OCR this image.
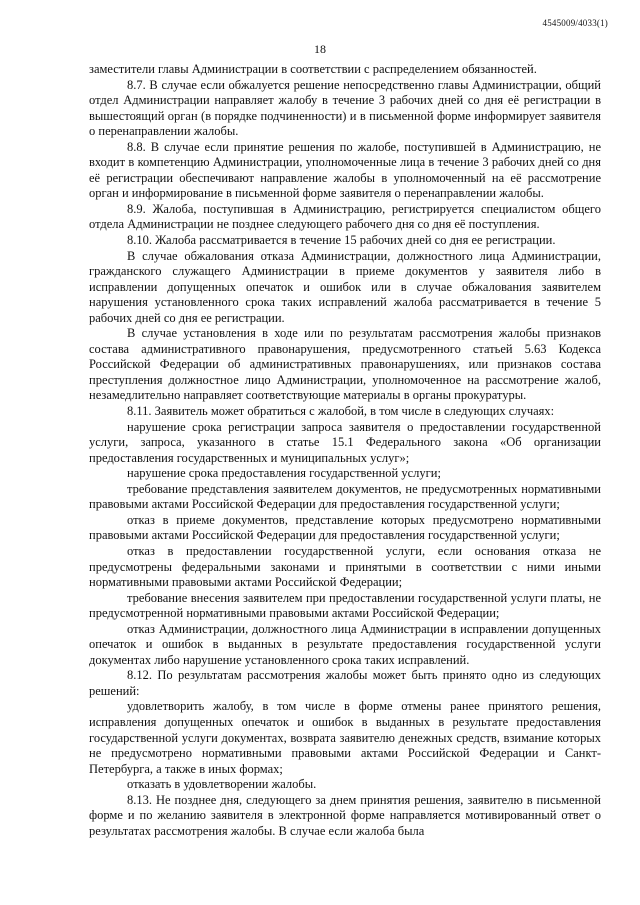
4545009/4033(1)
18

заместители главы Администрации в соответствии с распределением обязанностей.

8.7. В случае если обжалуется решение непосредственно главы Администрации, общий отдел Администрации направляет жалобу в течение 3 рабочих дней со дня её регистрации в вышестоящий орган (в порядке подчиненности) и в письменной форме информирует заявителя о перенаправлении жалобы.

8.8. В случае если принятие решения по жалобе, поступившей в Администрацию, не входит в компетенцию Администрации, уполномоченные лица в течение 3 рабочих дней со дня её регистрации обеспечивают направление жалобы в уполномоченный на её рассмотрение орган и информирование в письменной форме заявителя о перенаправлении жалобы.

8.9. Жалоба, поступившая в Администрацию, регистрируется специалистом общего отдела Администрации не позднее следующего рабочего дня со дня её поступления.

8.10. Жалоба рассматривается в течение 15 рабочих дней со дня ее регистрации.

В случае обжалования отказа Администрации, должностного лица Администрации, гражданского служащего Администрации в приеме документов у заявителя либо в исправлении допущенных опечаток и ошибок или в случае обжалования заявителем нарушения установленного срока таких исправлений жалоба рассматривается в течение 5 рабочих дней со дня ее регистрации.

В случае установления в ходе или по результатам рассмотрения жалобы признаков состава административного правонарушения, предусмотренного статьей 5.63 Кодекса Российской Федерации об административных правонарушениях, или признаков состава преступления должностное лицо Администрации, уполномоченное на рассмотрение жалоб, незамедлительно направляет соответствующие материалы в органы прокуратуры.

8.11. Заявитель может обратиться с жалобой, в том числе в следующих случаях:

нарушение срока регистрации запроса заявителя о предоставлении государственной услуги, запроса, указанного в статье 15.1 Федерального закона «Об организации предоставления государственных и муниципальных услуг»;

нарушение срока предоставления государственной услуги;

требование представления заявителем документов, не предусмотренных нормативными правовыми актами Российской Федерации для предоставления государственной услуги;

отказ в приеме документов, представление которых предусмотрено нормативными правовыми актами Российской Федерации для предоставления государственной услуги;

отказ в предоставлении государственной услуги, если основания отказа не предусмотрены федеральными законами и принятыми в соответствии с ними иными нормативными правовыми актами Российской Федерации;

требование внесения заявителем при предоставлении государственной услуги платы, не предусмотренной нормативными правовыми актами Российской Федерации;

отказ Администрации, должностного лица Администрации в исправлении допущенных опечаток и ошибок в выданных в результате предоставления государственной услуги документах либо нарушение установленного срока таких исправлений.

8.12. По результатам рассмотрения жалобы может быть принято одно из следующих решений:

удовлетворить жалобу, в том числе в форме отмены ранее принятого решения, исправления допущенных опечаток и ошибок в выданных в результате предоставления государственной услуги документах, возврата заявителю денежных средств, взимание которых не предусмотрено нормативными правовыми актами Российской Федерации и Санкт-Петербурга, а также в иных формах;

отказать в удовлетворении жалобы.

8.13. Не позднее дня, следующего за днем принятия решения, заявителю в письменной форме и по желанию заявителя в электронной форме направляется мотивированный ответ о результатах рассмотрения жалобы. В случае если жалоба была
